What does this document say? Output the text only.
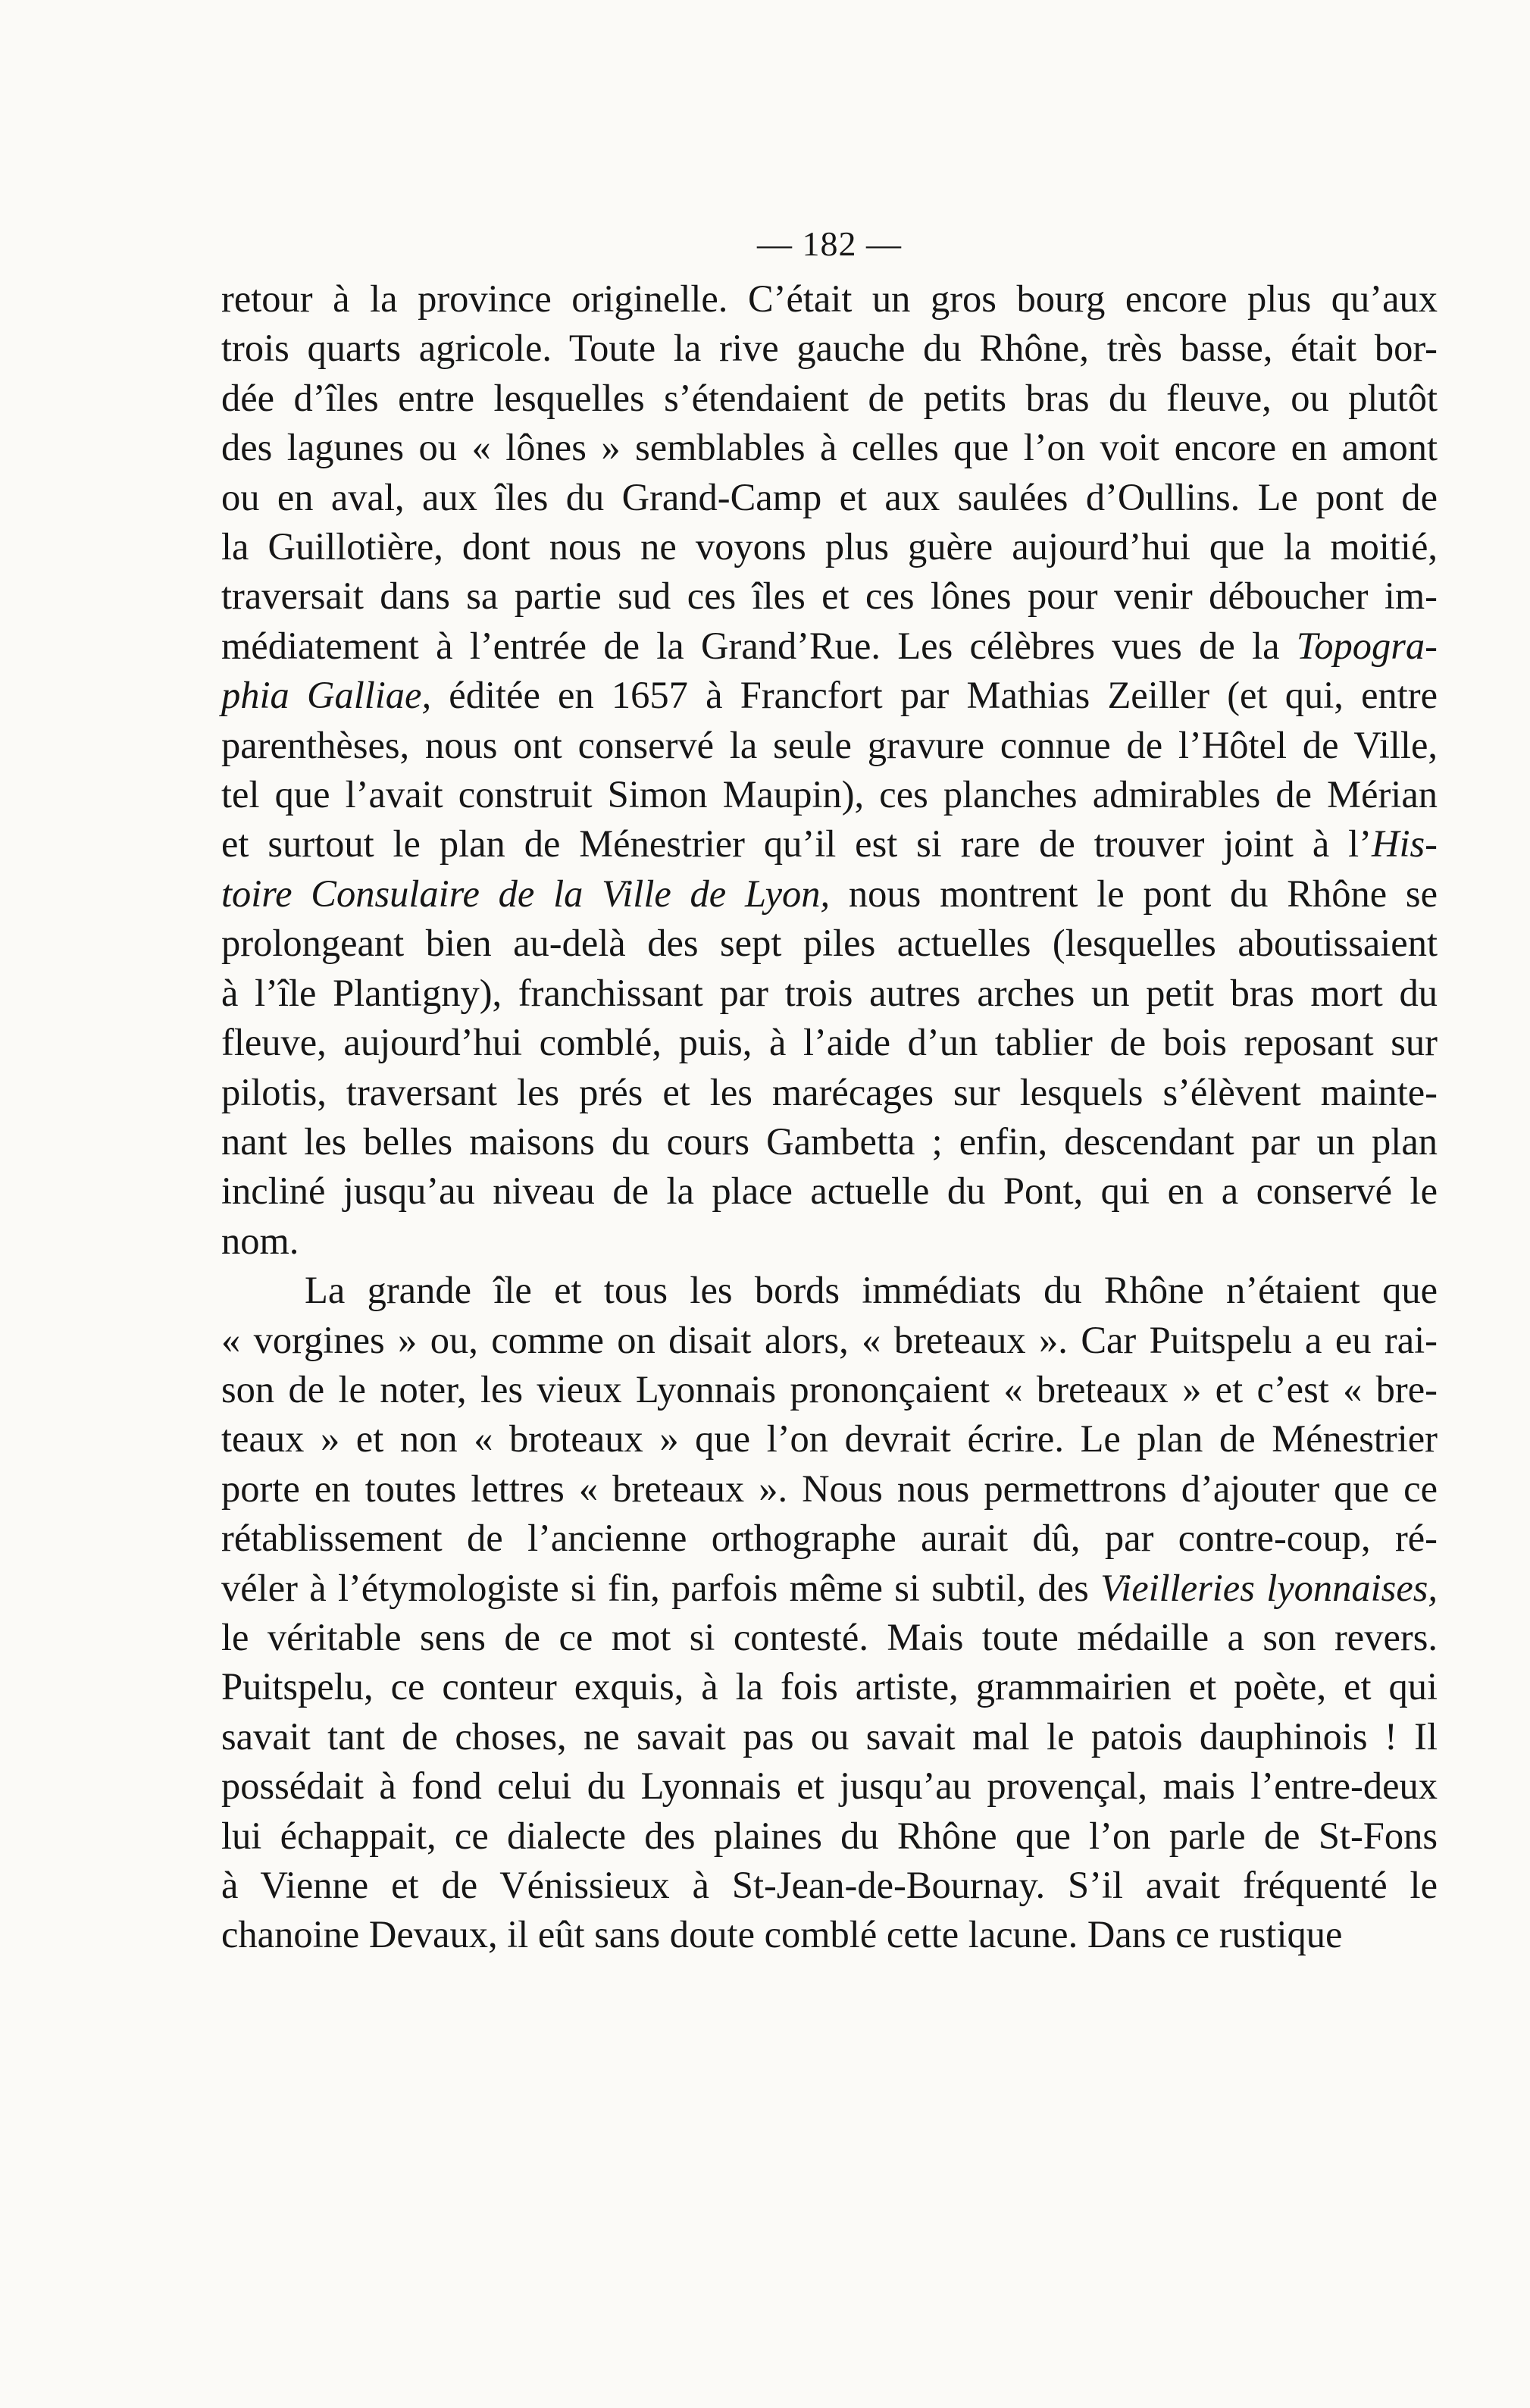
— 182 —
retour à la province originelle. C’était un gros bourg encore plus qu’aux
trois quarts agricole. Toute la rive gauche du Rhône, très basse, était bor-
dée d’îles entre lesquelles s’étendaient de petits bras du fleuve, ou plutôt
des lagunes ou « lônes » semblables à celles que l’on voit encore en amont
ou en aval, aux îles du Grand-Camp et aux saulées d’Oullins. Le pont de
la Guillotière, dont nous ne voyons plus guère aujourd’hui que la moitié,
traversait dans sa partie sud ces îles et ces lônes pour venir déboucher im-
médiatement à l’entrée de la Grand’Rue. Les célèbres vues de la Topogra-
phia Galliae, éditée en 1657 à Francfort par Mathias Zeiller (et qui, entre
parenthèses, nous ont conservé la seule gravure connue de l’Hôtel de Ville,
tel que l’avait construit Simon Maupin), ces planches admirables de Mérian
et surtout le plan de Ménestrier qu’il est si rare de trouver joint à l’His-
toire Consulaire de la Ville de Lyon, nous montrent le pont du Rhône se
prolongeant bien au-delà des sept piles actuelles (lesquelles aboutissaient
à l’île Plantigny), franchissant par trois autres arches un petit bras mort du
fleuve, aujourd’hui comblé, puis, à l’aide d’un tablier de bois reposant sur
pilotis, traversant les prés et les marécages sur lesquels s’élèvent mainte-
nant les belles maisons du cours Gambetta ; enfin, descendant par un plan
incliné jusqu’au niveau de la place actuelle du Pont, qui en a conservé le
nom.
La grande île et tous les bords immédiats du Rhône n’étaient que
« vorgines » ou, comme on disait alors, « breteaux ». Car Puitspelu a eu rai-
son de le noter, les vieux Lyonnais prononçaient « breteaux » et c’est « bre-
teaux » et non « broteaux » que l’on devrait écrire. Le plan de Ménestrier
porte en toutes lettres « breteaux ». Nous nous permettrons d’ajouter que ce
rétablissement de l’ancienne orthographe aurait dû, par contre-coup, ré-
véler à l’étymologiste si fin, parfois même si subtil, des Vieilleries lyonnaises,
le véritable sens de ce mot si contesté. Mais toute médaille a son revers.
Puitspelu, ce conteur exquis, à la fois artiste, grammairien et poète, et qui
savait tant de choses, ne savait pas ou savait mal le patois dauphinois ! Il
possédait à fond celui du Lyonnais et jusqu’au provençal, mais l’entre-deux
lui échappait, ce dialecte des plaines du Rhône que l’on parle de St-Fons
à Vienne et de Vénissieux à St-Jean-de-Bournay. S’il avait fréquenté le
chanoine Devaux, il eût sans doute comblé cette lacune. Dans ce rustique
